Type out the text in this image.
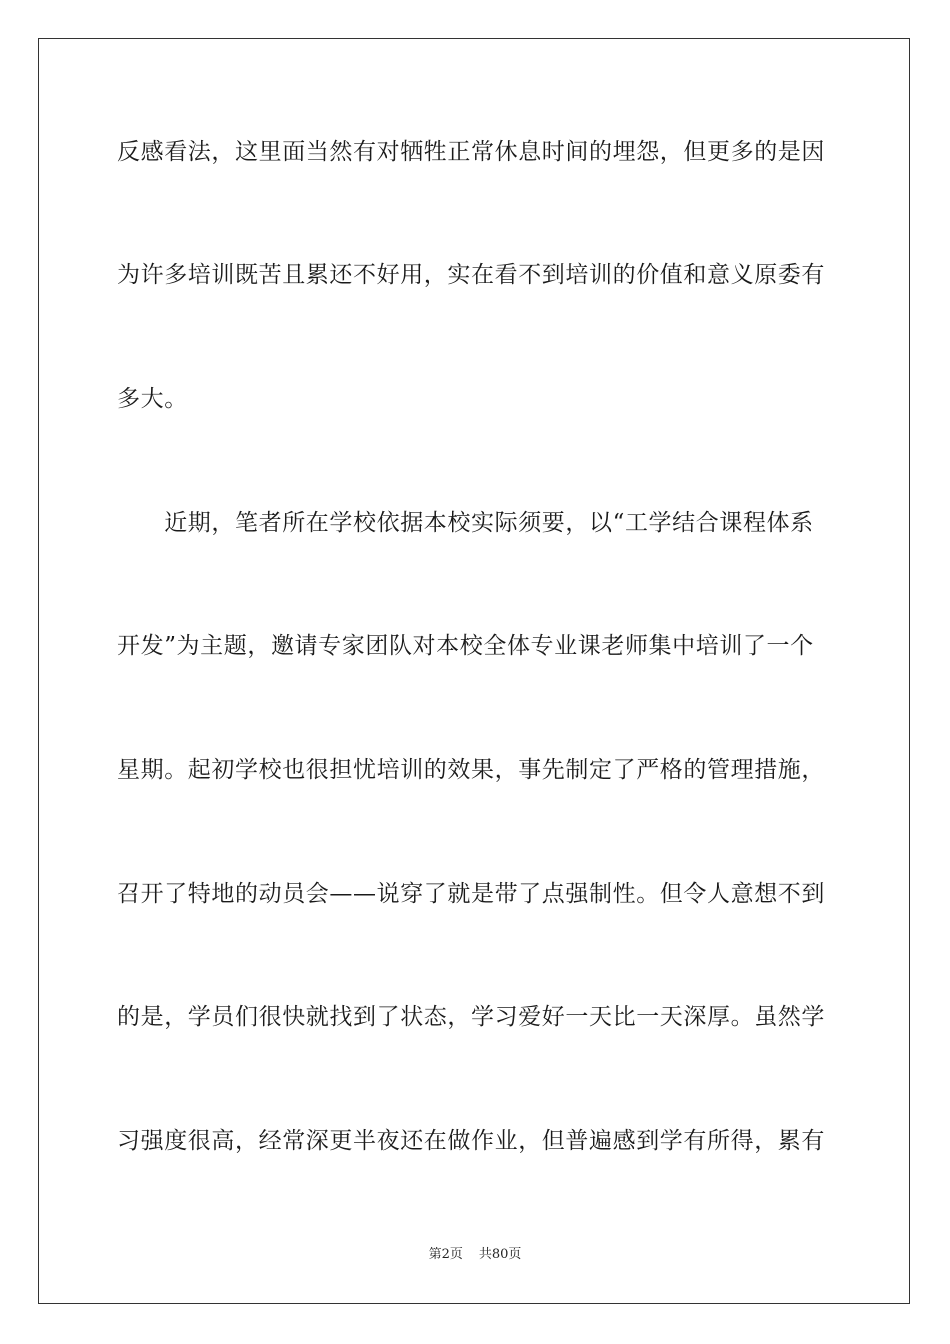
反感看法，这里面当然有对牺牲正常休息时间的埋怨，但更多的是因
为许多培训既苦且累还不好用，实在看不到培训的价值和意义原委有
多大。
　　近期，笔者所在学校依据本校实际须要，以“工学结合课程体系
开发”为主题，邀请专家团队对本校全体专业课老师集中培训了一个
星期。起初学校也很担忧培训的效果，事先制定了严格的管理措施，
召开了特地的动员会——说穿了就是带了点强制性。但令人意想不到
的是，学员们很快就找到了状态，学习爱好一天比一天深厚。虽然学
习强度很高，经常深更半夜还在做作业，但普遍感到学有所得，累有
第2页 共80页
